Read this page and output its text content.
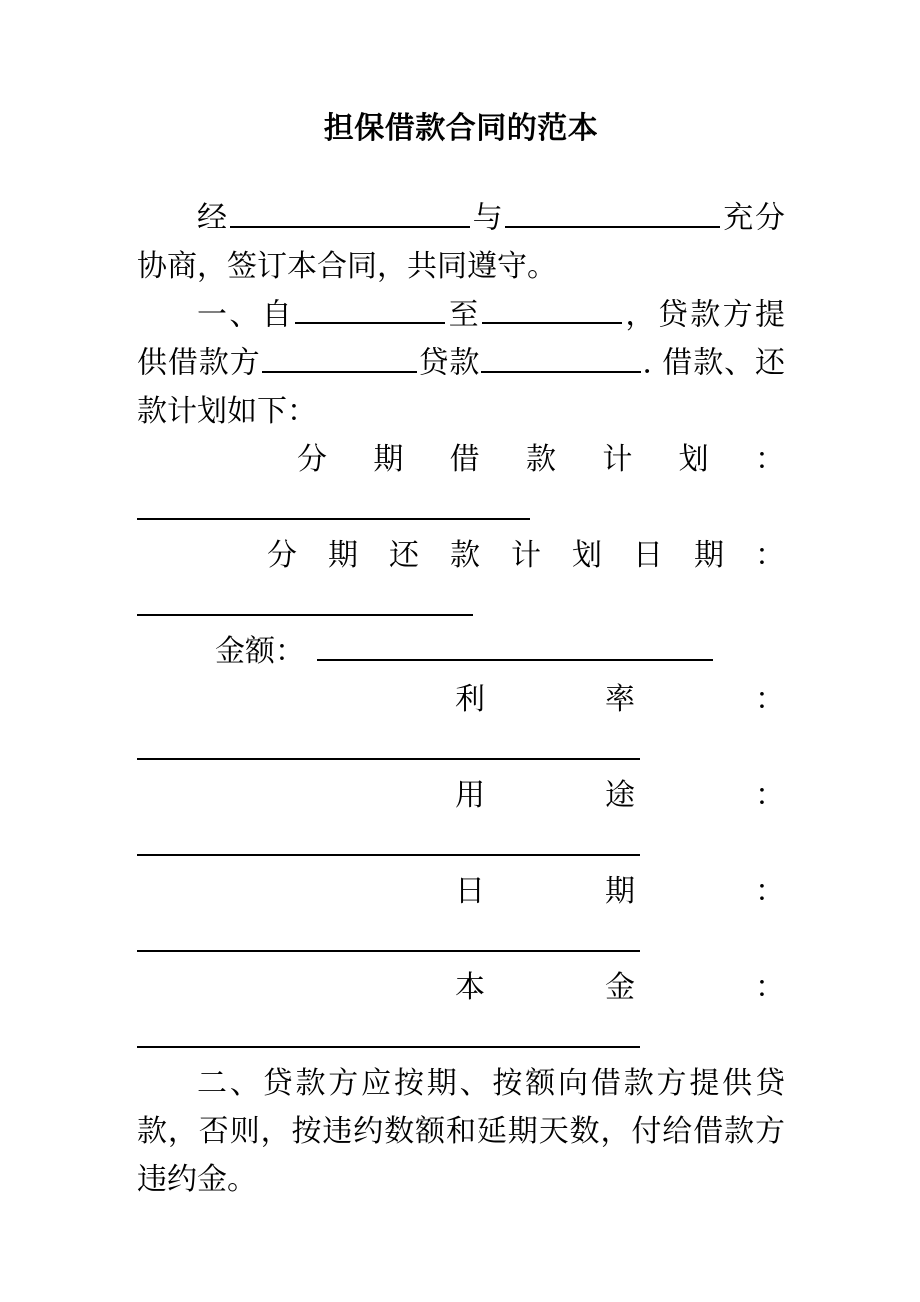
担保借款合同的范本

经	与	充分协商，签订本合同，共同遵守。

一、自	至	，贷款方提供借款方	贷款	. 借款、还款计划如下：

分 期 借 款 计 划 ：

分 期 还 款 计 划 日 期 ：

金额：

利	率	：

用	途	：

日	期	：

本	金	：

二、贷款方应按期、按额向借款方提供贷款，否则，按违约数额和延期天数，付给借款方违约金。
